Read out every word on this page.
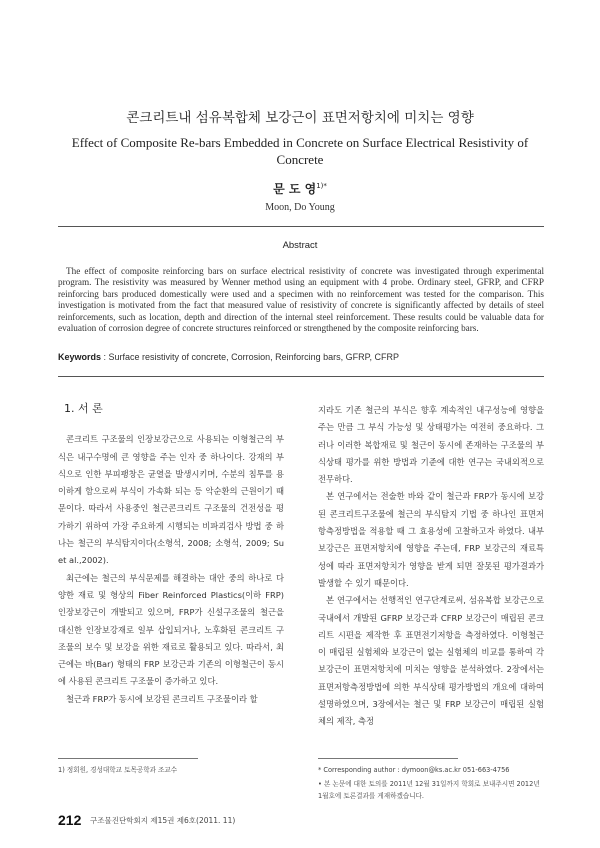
콘크리트내 섬유복합체 보강근이 표면저항치에 미치는 영향
Effect of Composite Re-bars Embedded in Concrete on Surface Electrical Resistivity of Concrete
문 도 영$^{1)*}$
Moon, Do Young
Abstract

The effect of composite reinforcing bars on surface electrical resistivity of concrete was investigated through experimental program. The resistivity was measured by Wenner method using an equipment with 4 probe. Ordinary steel, GFRP, and CFRP reinforcing bars produced domestically were used and a specimen with no reinforcement was tested for the comparison. This investigation is motivated from the fact that measured value of resistivity of concrete is significantly affected by details of steel reinforcements, such as location, depth and direction of the internal steel reinforcement. These results could be valuable data for evaluation of corrosion degree of concrete structures reinforced or strengthened by the composite reinforcing bars.

Keywords : Surface resistivity of concrete, Corrosion, Reinforcing bars, GFRP, CFRP

1. 서 론

콘크리트 구조물의 인장보강근으로 사용되는 이형철근의 부식은 내구수명에 큰 영향을 주는 인자 중 하나이다. 강재의 부식으로 인한 부피팽창은 균열을 발생시키며, 수분의 침투를 용이하게 함으로써 부식이 가속화 되는 등 악순환의 근원이기 때문이다. 따라서 사용중인 철근콘크리트 구조물의 건전성을 평가하기 위하여 가장 주요하게 시행되는 비파괴검사 방법 중 하나는 철근의 부식탐지이다(소형석, 2008; 소형석, 2009; Su et al.,2002).

최근에는 철근의 부식문제를 해결하는 대안 중의 하나로 다양한 재료 및 형상의 Fiber Reinforced Plastics(이하 FRP) 인장보강근이 개발되고 있으며, FRP가 신설구조물의 철근을 대신한 인장보강재로 일부 삽입되거나, 노후화된 콘크리트 구조물의 보수 및 보강을 위한 재료로 활용되고 있다. 따라서, 최근에는 바(Bar) 형태의 FRP 보강근과 기존의 이형철근이 동시에 사용된 콘크리트 구조물이 증가하고 있다.

철근과 FRP가 동시에 보강된 콘크리트 구조물이라 할

지라도 기존 철근의 부식은 향후 계속적인 내구성능에 영향을 주는 만큼 그 부식 가능성 및 상태평가는 여전히 중요하다. 그러나 이러한 복합재료 및 철근이 동시에 존재하는 구조물의 부식상태 평가를 위한 방법과 기준에 대한 연구는 국내외적으로 전무하다.

본 연구에서는 전술한 바와 같이 철근과 FRP가 동시에 보강된 콘크리트구조물에 철근의 부식탐지 기법 중 하나인 표면저항측정방법을 적용할 때 그 효용성에 고찰하고자 하였다. 내부 보강근은 표면저항치에 영향을 주는데, FRP 보강근의 재료특성에 따라 표면저항치가 영향을 받게 되면 잘못된 평가결과가 발생할 수 있기 때문이다.

본 연구에서는 선행적인 연구단계로써, 섬유복합 보강근으로 국내에서 개발된 GFRP 보강근과 CFRP 보강근이 매립된 콘크리트 시편을 제작한 후 표면전기저항을 측정하였다. 이형철근이 매립된 실험체와 보강근이 없는 실험체의 비교를 통하여 각 보강근이 표면저항치에 미치는 영향을 분석하였다. 2장에서는 표면저항측정방법에 의한 부식상태 평가방법의 개요에 대하여 설명하였으며, 3장에서는 철근 및 FRP 보강근이 매립된 실험체의 제작, 측정

1) 정회원, 경성대학교 토목공학과 조교수	* Corresponding author : dymoon@ks.ac.kr 051-663-4756

• 본 논문에 대한 토의를 2011년 12월 31일까지 학회로 보내주시면 2012년 1월호에 토론결과를 게재하겠습니다.

212 구조물진단학회지 제15권 제6호(2011. 11)
